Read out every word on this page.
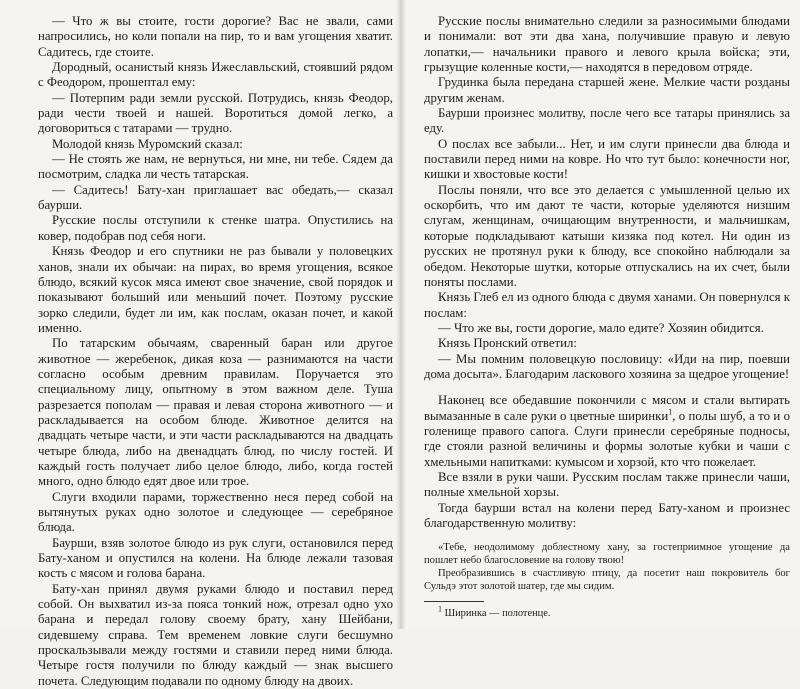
— Что ж вы стоите, гости дорогие? Вас не звали, сами напросились, но коли попали на пир, то и вам угощения хватит. Садитесь, где стоите.

Дородный, осанистый князь Ижеславльский, стоявший рядом с Феодором, прошептал ему:

— Потерпим ради земли русской. Потрудись, князь Феодор, ради чести твоей и нашей. Воротиться домой легко, а договориться с татарами — трудно.

Молодой князь Муромский сказал:

— Не стоять же нам, не вернуться, ни мне, ни тебе. Сядем да посмотрим, сладка ли честь татарская.

— Садитесь! Бату-хан приглашает вас обедать,— сказал баурши.

Русские послы отступили к стенке шатра. Опустились на ковер, подобрав под себя ноги.

Князь Феодор и его спутники не раз бывали у половецких ханов, знали их обычаи: на пирах, во время угощения, всякое блюдо, всякий кусок мяса имеют свое значение, свой порядок и показывают больший или меньший почет. Поэтому русские зорко следили, будет ли им, как послам, оказан почет, и какой именно.

По татарским обычаям, сваренный баран или другое животное — жеребенок, дикая коза — разнимаются на части согласно особым древним правилам. Поручается это специальному лицу, опытному в этом важном деле. Туша разрезается пополам — правая и левая сторона животного — и раскладывается на особом блюде. Животное делится на двадцать четыре части, и эти части раскладываются на двадцать четыре блюда, либо на двенадцать блюд, по числу гостей. И каждый гость получает либо целое блюдо, либо, когда гостей много, одно блюдо едят двое или трое.

Слуги входили парами, торжественно неся перед собой на вытянутых руках одно золотое и следующее — серебряное блюда.

Баурши, взяв золотое блюдо из рук слуги, остановился перед Бату-ханом и опустился на колени. На блюде лежали тазовая кость с мясом и голова барана.

Бату-хан принял двумя руками блюдо и поставил перед собой. Он выхватил из-за пояса тонкий нож, отрезал одно ухо барана и передал голову своему брату, хану Шейбани, сидевшему справа. Тем временем ловкие слуги бесшумно проскальзывали между гостями и ставили перед ними блюда. Четыре гостя получили по блюду каждый — знак высшего почета. Следующим подавали по одному блюду на двоих.

Русские послы внимательно следили за разносимыми блюдами и понимали: вот эти два хана, получившие правую и левую лопатки,— начальники правого и левого крыла войска; эти, грызущие коленные кости,— находятся в передовом отряде.

Грудинка была передана старшей жене. Мелкие части розданы другим женам.

Баурши произнес молитву, после чего все татары принялись за еду.

О послах все забыли... Нет, и им слуги принесли два блюда и поставили перед ними на ковре. Но что тут было: конечности ног, кишки и хвостовые кости!

Послы поняли, что все это делается с умышленной целью их оскорбить, что им дают те части, которые уделяются низшим слугам, женщинам, очищающим внутренности, и мальчишкам, которые подкладывают катыши кизяка под котел. Ни один из русских не протянул руки к блюду, все спокойно наблюдали за обедом. Некоторые шутки, которые отпускались на их счет, были поняты послами.

Князь Глеб ел из одного блюда с двумя ханами. Он повернулся к послам:

— Что же вы, гости дорогие, мало едите? Хозяин обидится.

Князь Пронский ответил:

— Мы помним половецкую пословицу: «Иди на пир, поевши дома досыта». Благодарим ласкового хозяина за щедрое угощение!

Наконец все обедавшие покончили с мясом и стали вытирать вымазанные в сале руки о цветные ширинки$^1$, о полы шуб, а то и о голенище правого сапога. Слуги принесли серебряные подносы, где стояли разной величины и формы золотые кубки и чаши с хмельными напитками: кумысом и хорзой, кто что пожелает.

Все взяли в руки чаши. Русским послам также принесли чаши, полные хмельной хорзы.

Тогда баурши встал на колени перед Бату-ханом и произнес благодарственную молитву:

«Тебе, неодолимому доблестному хану, за гостеприимное угощение да пошлет небо благословение на голову твою!

Преобразившись в счастливую птицу, да посетит наш покровитель бог Сульдэ этот золотой шатер, где мы сидим.

$^1$ Ширинка — полотенце.
